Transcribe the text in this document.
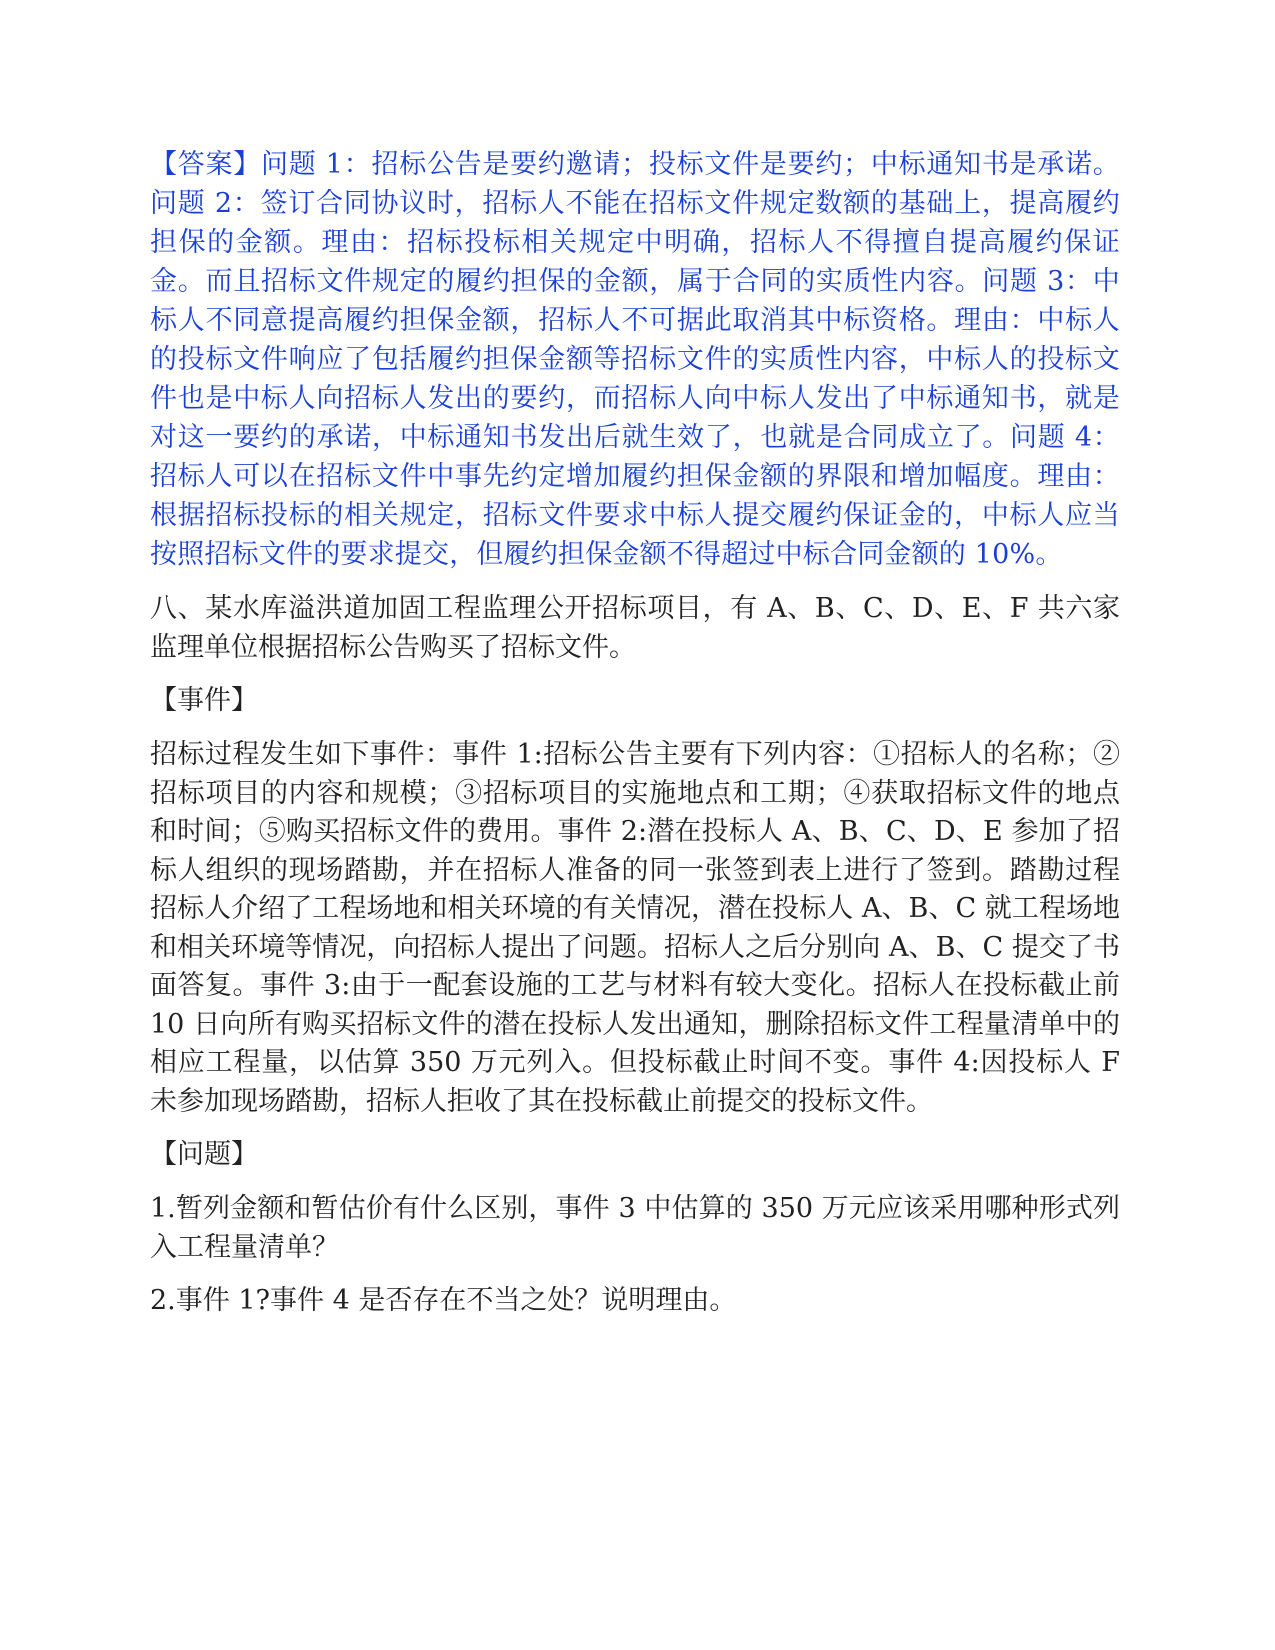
【答案】问题 1：招标公告是要约邀请；投标文件是要约；中标通知书是承诺。问题 2：签订合同协议时，招标人不能在招标文件规定数额的基础上，提高履约担保的金额。理由：招标投标相关规定中明确，招标人不得擅自提高履约保证金。而且招标文件规定的履约担保的金额，属于合同的实质性内容。问题 3：中标人不同意提高履约担保金额，招标人不可据此取消其中标资格。理由：中标人的投标文件响应了包括履约担保金额等招标文件的实质性内容，中标人的投标文件也是中标人向招标人发出的要约，而招标人向中标人发出了中标通知书，就是对这一要约的承诺，中标通知书发出后就生效了，也就是合同成立了。问题 4：招标人可以在招标文件中事先约定增加履约担保金额的界限和增加幅度。理由：根据招标投标的相关规定，招标文件要求中标人提交履约保证金的，中标人应当按照招标文件的要求提交，但履约担保金额不得超过中标合同金额的 10%。

八、某水库溢洪道加固工程监理公开招标项目，有 A、B、C、D、E、F 共六家监理单位根据招标公告购买了招标文件。

【事件】

招标过程发生如下事件：事件 1:招标公告主要有下列内容：①招标人的名称；②招标项目的内容和规模；③招标项目的实施地点和工期；④获取招标文件的地点和时间；⑤购买招标文件的费用。事件 2:潜在投标人 A、B、C、D、E 参加了招标人组织的现场踏勘，并在招标人准备的同一张签到表上进行了签到。踏勘过程招标人介绍了工程场地和相关环境的有关情况，潜在投标人 A、B、C 就工程场地和相关环境等情况，向招标人提出了问题。招标人之后分别向 A、B、C 提交了书面答复。事件 3:由于一配套设施的工艺与材料有较大变化。招标人在投标截止前 10 日向所有购买招标文件的潜在投标人发出通知，删除招标文件工程量清单中的相应工程量，以估算 350 万元列入。但投标截止时间不变。事件 4:因投标人 F 未参加现场踏勘，招标人拒收了其在投标截止前提交的投标文件。

【问题】

1.暂列金额和暂估价有什么区别，事件 3 中估算的 350 万元应该采用哪种形式列入工程量清单？

2.事件 1?事件 4 是否存在不当之处？说明理由。
